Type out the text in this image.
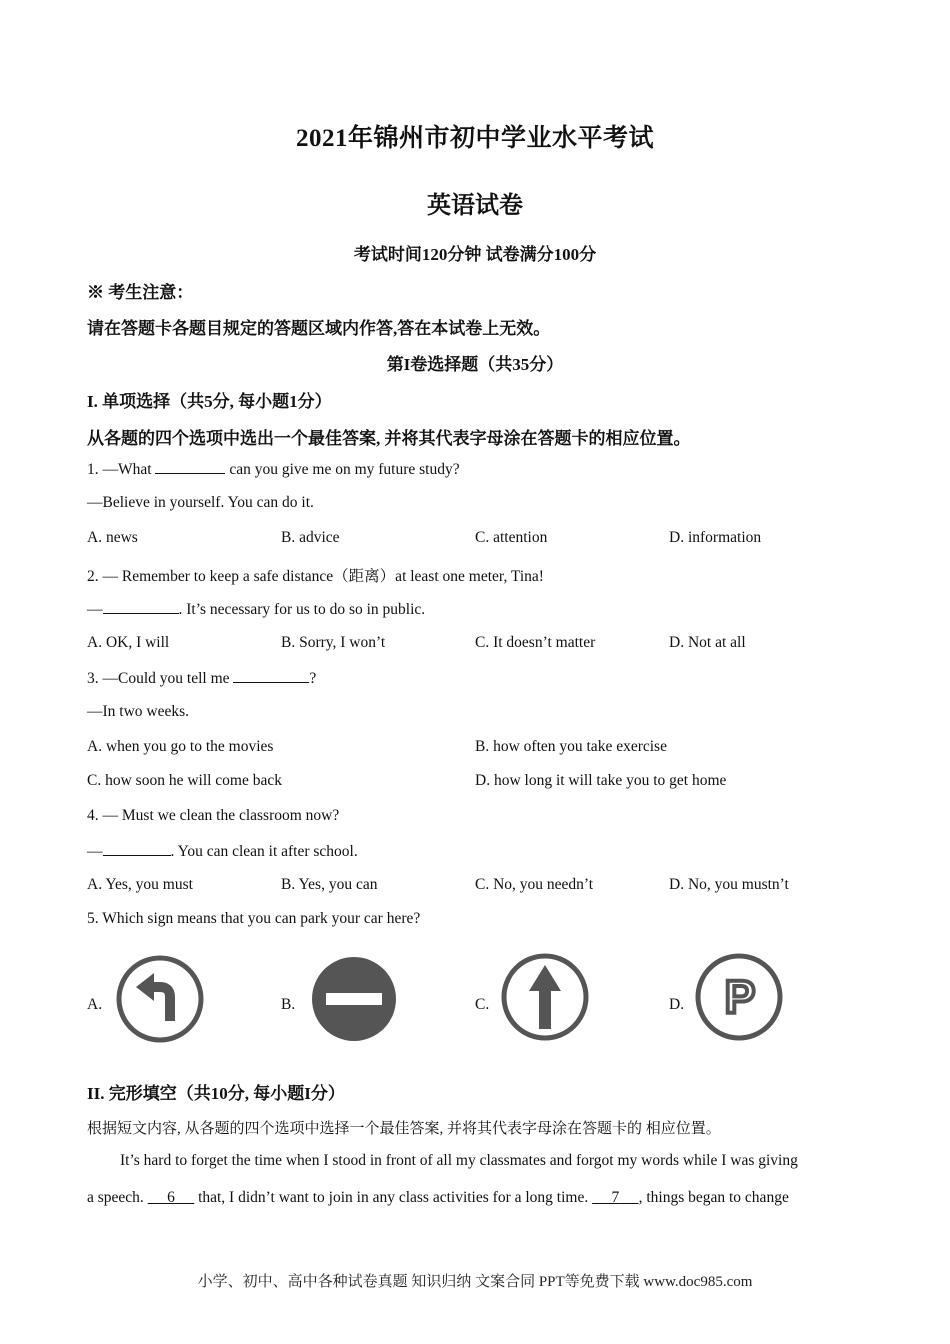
2021年锦州市初中学业水平考试
英语试卷
考试时间120分钟 试卷满分100分
※ 考生注意：
请在答题卡各题目规定的答题区域内作答,答在本试卷上无效。
第I卷选择题（共35分）
I. 单项选择（共5分, 每小题1分）
从各题的四个选项中选出一个最佳答案, 并将其代表字母涂在答题卡的相应位置。
1. —What	can you give me on my future study?
—Believe in yourself. You can do it.
A. news	B. advice	C. attention	D. information
2. — Remember to keep a safe distance（距离）at least one meter, Tina!
—	. It’s necessary for us to do so in public.
A. OK, I will	B. Sorry, I won’t	C. It doesn’t matter	D. Not at all
3. —Could you tell me	?
—In two weeks.
A. when you go to the movies	B. how often you take exercise
C. how soon he will come back	D. how long it will take you to get home
4. — Must we clean the classroom now?
—	. You can clean it after school.
A. Yes, you must	B. Yes, you can	C. No, you needn’t	D. No, you mustn’t
5. Which sign means that you can park your car here?
A.	B.	C.	D. P
II. 完形填空（共10分, 每小题I分）
根据短文内容, 从各题的四个选项中选择一个最佳答案, 并将其代表字母涂在答题卡的 相应位置。
It’s hard to forget the time when I stood in front of all my classmates and forgot my words while I was giving
a speech.      6      that, I didn’t want to join in any class activities for a long time.      7 , things began to change
小学、初中、高中各种试卷真题 知识归纳 文案合同 PPT等免费下载 www.doc985.com
